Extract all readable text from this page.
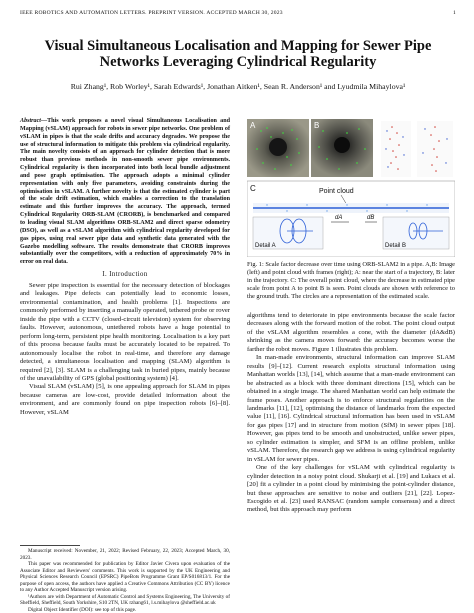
IEEE ROBOTICS AND AUTOMATION LETTERS. PREPRINT VERSION. ACCEPTED MARCH 30, 2023	1
Visual Simultaneous Localisation and Mapping for Sewer Pipe
Networks Leveraging Cylindrical Regularity
Rui Zhang¹, Rob Worley¹, Sarah Edwards¹, Jonathan Aitken¹, Sean R. Anderson¹ and Lyudmila Mihaylova¹
Abstract—This work proposes a novel visual Simultaneous Localisation and Mapping (vSLAM) approach for robots in sewer pipe networks. One problem of vSLAM in pipes is that the scale drifts and accuracy degrades. We propose the use of structural information to mitigate this problem via cylindrical regularity. The main novelty consists of an approach for cylinder detection that is more robust than previous methods in non-smooth sewer pipe environments. Cylindrical regularity is then incorporated into both local bundle adjustment and pose graph optimisation. The approach adopts a minimal cylinder representation with only five parameters, avoiding constraints during the optimisation in vSLAM. A further novelty is that the estimated cylinder is part of the scale drift estimation, which enables a correction to the translation estimate and this further improves the accuracy. The approach, termed Cylindrical Regularity ORB-SLAM (CRORB), is benchmarked and compared to leading visual SLAM algorithms ORB-SLAM2 and direct sparse odometry (DSO), as well as a vSLAM algorithm with cylindrical regularity developed for gas pipes, using real sewer pipe data and synthetic data generated with the Gazebo modelling software. The results demonstrate that CRORB improves substantially over the competitors, with a reduction of approximately 70% in error on real data.
I. Introduction

Sewer pipe inspection is essential for the necessary detection of blockages and leakages. Pipe defects can potentially lead to economic losses, environmental contamination, and health problems [1]. Inspections are commonly performed by inserting a manually operated, tethered probe or rover inside the pipe with a CCTV (closed-circuit television) system for observing faults. However, autonomous, untethered robots have a huge potential to perform long-term, persistent pipe health monitoring. Localisation is a key part of this process because faults must be accurately located to be repaired. To autonomously localise the robot in real-time, and therefore any damage detected, a simultaneous localisation and mapping (SLAM) algorithm is required [2], [3]. SLAM is a challenging task in buried pipes, mainly because of the unavailability of GPS (global positioning system) [4].

Visual SLAM (vSLAM) [5], is one appealing approach for SLAM in pipes because cameras are low-cost, provide detailed information about the environment, and are commonly found on pipe inspection robots [6]–[8]. However, vSLAM

Manuscript received: November, 21, 2022; Revised February, 22, 2023; Accepted March, 30, 2023.

This paper was recommended for publication by Editor Javier Civera upon evaluation of the Associate Editor and Reviewers' comments. This work is supported by the UK Engineering and Physical Sciences Research Council (EPSRC) PipeBots Programme Grant EP/S016813/1. For the purpose of open access, the authors have applied a Creative Commons Attribution (CC BY) licence to any Author Accepted Manuscript version arising.

¹Authors are with Department of Automatic Control and Systems Engineering, The University of Sheffield, Sheffield, South Yorkshire, S10 2TN, UK rzhang61, l.s.mihaylova @sheffield.ac.uk

Digital Object Identifier (DOI): see top of this page.

A	B
C	Point cloud
Detail A	Detail B
dA	dB
Fig. 1: Scale factor decrease over time using ORB-SLAM2 in a pipe. A,B: Image (left) and point cloud with frames (right); A: near the start of a trajectory, B: later in the trajectory. C: The overall point cloud, where the decrease in estimated pipe scale from point A to point B is seen. Point clouds are shown with reference to the ground truth. The circles are a representation of the estimated scale.

algorithms tend to deteriorate in pipe environments because the scale factor decreases along with the forward motion of the robot. The point cloud output of the vSLAM algorithm resembles a cone, with the diameter (dA&dB) shrinking as the camera moves forward: the accuracy becomes worse the farther the robot moves. Figure 1 illustrates this problem.

In man-made environments, structural information can improve SLAM results [9]–[12]. Current research exploits structural information using Manhattan worlds [13], [14], which assume that a man-made environment can be abstracted as a block with three dominant directions [15], which can be obtained in a single image. The shared Manhattan world can help estimate the frame poses. Another approach is to enforce structural regularities on the landmarks [11], [12], optimising the distance of landmarks from the expected value [11], [16]. Cylindrical structural information has been used in vSLAM for gas pipes [17] and in structure from motion (SfM) in sewer pipes [18]. However, gas pipes tend to be smooth and unobstructed, unlike sewer pipes, so cylinder estimation is simpler, and SFM is an offline problem, unlike vSLAM. Therefore, the research gap we address is using cylindrical regularity in vSLAM for sewer pipes.

One of the key challenges for vSLAM with cylindrical regularity is cylinder detection in a noisy point cloud. Shukarji et al. [19] and Lukacs et al. [20] fit a cylinder in a point cloud by minimising the point-cylinder distance, but these approaches are sensitive to noise and outliers [21], [22]. Lopez-Escogido et al. [23] used RANSAC (random sample consensus) and a direct method, but this approach may perform
